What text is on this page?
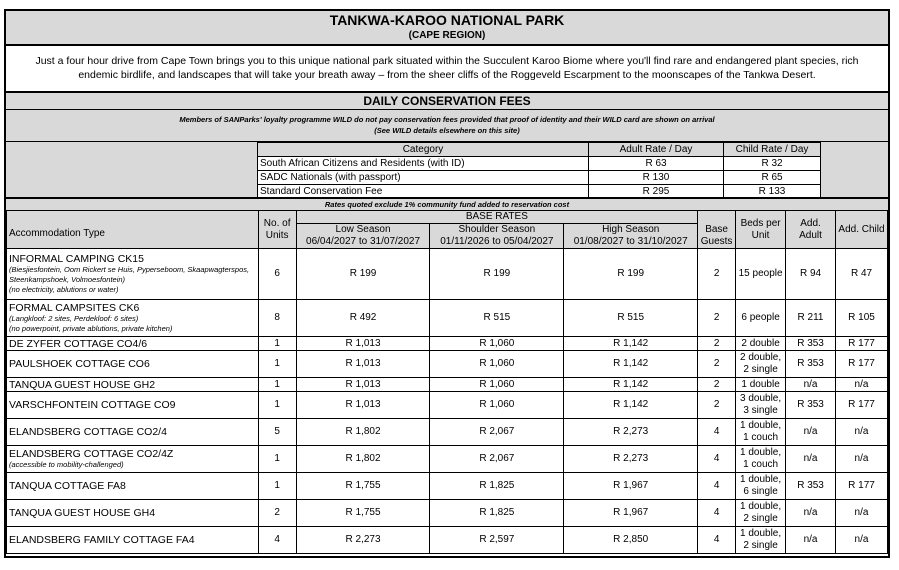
TANKWA-KAROO NATIONAL PARK
(CAPE REGION)

Just a four hour drive from Cape Town brings you to this unique national park situated within the Succulent Karoo Biome where you'll find rare and endangered plant species, rich endemic birdlife, and landscapes that will take your breath away – from the sheer cliffs of the Roggeveld Escarpment to the moonscapes of the Tankwa Desert.

DAILY CONSERVATION FEES
Members of SANParks' loyalty programme WILD do not pay conservation fees provided that proof of identity and their WILD card are shown on arrival
(See WILD details elsewhere on this site)
Category	Adult Rate / Day	Child Rate / Day
South African Citizens and Residents (with ID)	R 63	R 32
SADC Nationals (with passport)	R 130	R 65
Standard Conservation Fee	R 295	R 133
Rates quoted exclude 1% community fund added to reservation cost
Accommodation Type	No. of Units	BASE RATES			Base Guests	Beds per Unit	Add. Adult	Add. Child
		Low Season	Shoulder Season	High Season				
		06/04/2027 to 31/07/2027	01/11/2026 to 05/04/2027	01/08/2027 to 31/10/2027				

INFORMAL CAMPING CK15
(Biesjiesfontein, Oom Rickert se Huis, Pyperseboom, Skaapwagterspos, Steenkampshoek, Volmoesfontein)
(no electricity, ablutions or water)	6	R 199	R 199	R 199	2	15 people	R 94	R 47

FORMAL CAMPSITES CK6
(Langkloof: 2 sites, Perdekloof: 6 sites)
(no powerpoint, private ablutions, private kitchen)	8	R 492	R 515	R 515	2	6 people	R 211	R 105

DE ZYFER COTTAGE CO4/6	1	R 1,013	R 1,060	R 1,142	2	2 double	R 353	R 177

PAULSHOEK COTTAGE CO6	1	R 1,013	R 1,060	R 1,142	2	2 double,
2 single	R 353	R 177

TANQUA GUEST HOUSE GH2	1	R 1,013	R 1,060	R 1,142	2	1 double	n/a	n/a

VARSCHFONTEIN COTTAGE CO9	1	R 1,013	R 1,060	R 1,142	2	3 double,
3 single	R 353	R 177

ELANDSBERG COTTAGE CO2/4	5	R 1,802	R 2,067	R 2,273	4	1 double,
1 couch	n/a	n/a

ELANDSBERG COTTAGE CO2/4Z
(accessible to mobility-challenged)	1	R 1,802	R 2,067	R 2,273	4	1 double,
1 couch	n/a	n/a

TANQUA COTTAGE FA8	1	R 1,755	R 1,825	R 1,967	4	1 double,
6 single	R 353	R 177

TANQUA GUEST HOUSE GH4	2	R 1,755	R 1,825	R 1,967	4	1 double,
2 single	n/a	n/a

ELANDSBERG FAMILY COTTAGE FA4	4	R 2,273	R 2,597	R 2,850	4	1 double,
2 single	n/a	n/a
